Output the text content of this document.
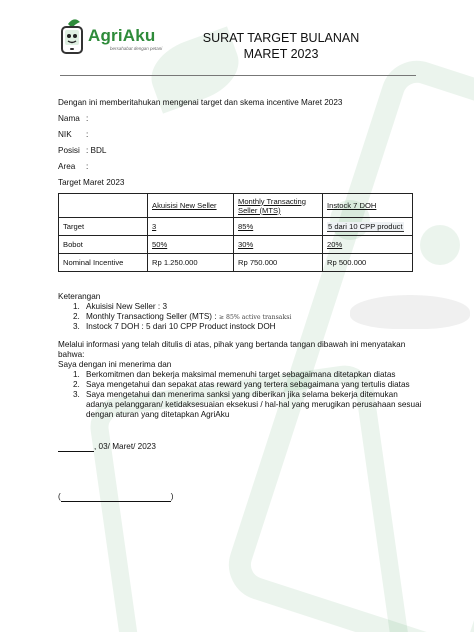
AgriAku
bersahabat dengan petani
SURAT TARGET BULANAN
MARET 2023
Dengan ini memberitahukan mengenai target dan skema incentive Maret 2023
Nama :
NIK :
Posisi : BDL
Area :
Target Maret 2023
	Akuisisi New Seller	Monthly Transacting Seller (MTS)	Instock 7 DOH
Target	3	85%	5 dari 10 CPP product
Bobot	50%	30%	20%
Nominal Incentive	Rp 1.250.000	Rp 750.000	Rp 500.000
Keterangan
1. Akuisisi New Seller : 3
2. Monthly Transactiong Seller (MTS) : ≥ 85% active transaksi
3. Instock 7 DOH : 5 dari 10 CPP Product instock DOH
Melalui informasi yang telah ditulis di atas, pihak yang bertanda tangan dibawah ini menyatakan
bahwa:
Saya dengan ini menerima dan
1. Berkomitmen dan bekerja maksimal memenuhi target sebagaimana ditetapkan diatas
2. Saya mengetahui dan sepakat atas reward yang tertera sebagaimana yang tertulis diatas
3. Saya mengetahui dan menerima sanksi yang diberikan jika selama bekerja ditemukan
adanya pelanggaran/ ketidaksesuaian eksekusi / hal-hal yang merugikan perusahaan sesuai
dengan aturan yang ditetapkan AgriAku
, 03/ Maret/ 2023
(	)
